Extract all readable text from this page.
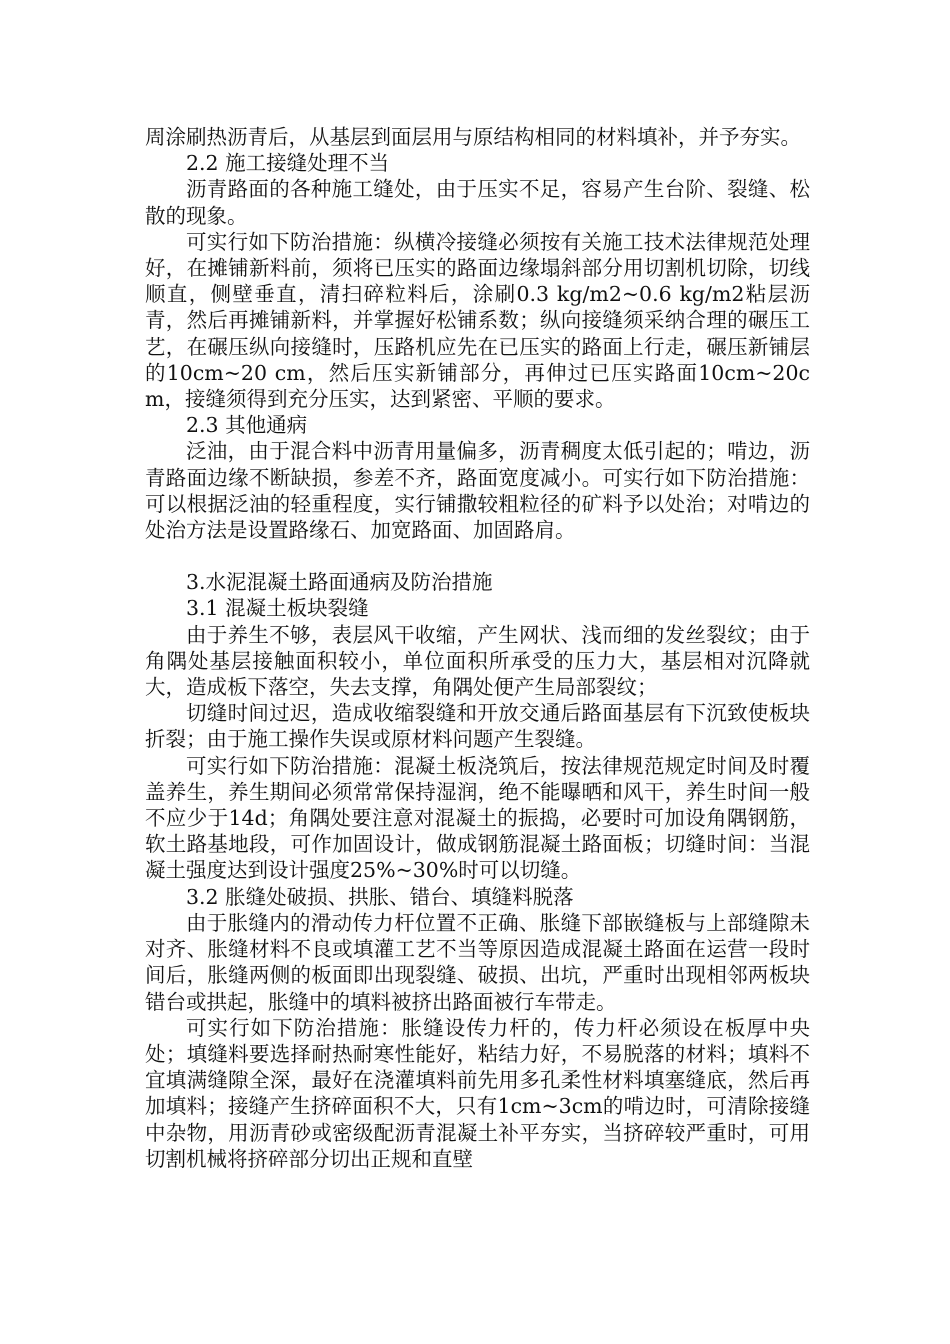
周涂刷热沥青后，从基层到面层用与原结构相同的材料填补，并予夯实。

2.2 施工接缝处理不当

沥青路面的各种施工缝处，由于压实不足，容易产生台阶、裂缝、松散的现象。

可实行如下防治措施：纵横冷接缝必须按有关施工技术法律规范处理好，在摊铺新料前，须将已压实的路面边缘塌斜部分用切割机切除，切线顺直，侧壁垂直，清扫碎粒料后，涂刷0.3 kg/m2~0.6 kg/m2粘层沥青，然后再摊铺新料，并掌握好松铺系数；纵向接缝须采纳合理的碾压工艺，在碾压纵向接缝时，压路机应先在已压实的路面上行走，碾压新铺层的10cm~20 cm，然后压实新铺部分，再伸过已压实路面10cm~20cm，接缝须得到充分压实，达到紧密、平顺的要求。

2.3 其他通病

泛油，由于混合料中沥青用量偏多，沥青稠度太低引起的；啃边，沥青路面边缘不断缺损，参差不齐，路面宽度减小。可实行如下防治措施：可以根据泛油的轻重程度，实行铺撒较粗粒径的矿料予以处治；对啃边的处治方法是设置路缘石、加宽路面、加固路肩。

3.水泥混凝土路面通病及防治措施

3.1 混凝土板块裂缝

由于养生不够，表层风干收缩，产生网状、浅而细的发丝裂纹；由于角隅处基层接触面积较小，单位面积所承受的压力大，基层相对沉降就大，造成板下落空，失去支撑，角隅处便产生局部裂纹；

切缝时间过迟，造成收缩裂缝和开放交通后路面基层有下沉致使板块折裂；由于施工操作失误或原材料问题产生裂缝。

可实行如下防治措施：混凝土板浇筑后，按法律规范规定时间及时覆盖养生，养生期间必须常常保持湿润，绝不能曝晒和风干，养生时间一般不应少于14d；角隅处要注意对混凝土的振捣，必要时可加设角隅钢筋，软土路基地段，可作加固设计，做成钢筋混凝土路面板；切缝时间：当混凝土强度达到设计强度25%~30%时可以切缝。

3.2 胀缝处破损、拱胀、错台、填缝料脱落

由于胀缝内的滑动传力杆位置不正确、胀缝下部嵌缝板与上部缝隙未对齐、胀缝材料不良或填灌工艺不当等原因造成混凝土路面在运营一段时间后，胀缝两侧的板面即出现裂缝、破损、出坑，严重时出现相邻两板块错台或拱起，胀缝中的填料被挤出路面被行车带走。

可实行如下防治措施：胀缝设传力杆的，传力杆必须设在板厚中央处；填缝料要选择耐热耐寒性能好，粘结力好，不易脱落的材料；填料不宜填满缝隙全深，最好在浇灌填料前先用多孔柔性材料填塞缝底，然后再加填料；接缝产生挤碎面积不大，只有1cm~3cm的啃边时，可清除接缝中杂物，用沥青砂或密级配沥青混凝土补平夯实，当挤碎较严重时，可用切割机械将挤碎部分切出正规和直壁
